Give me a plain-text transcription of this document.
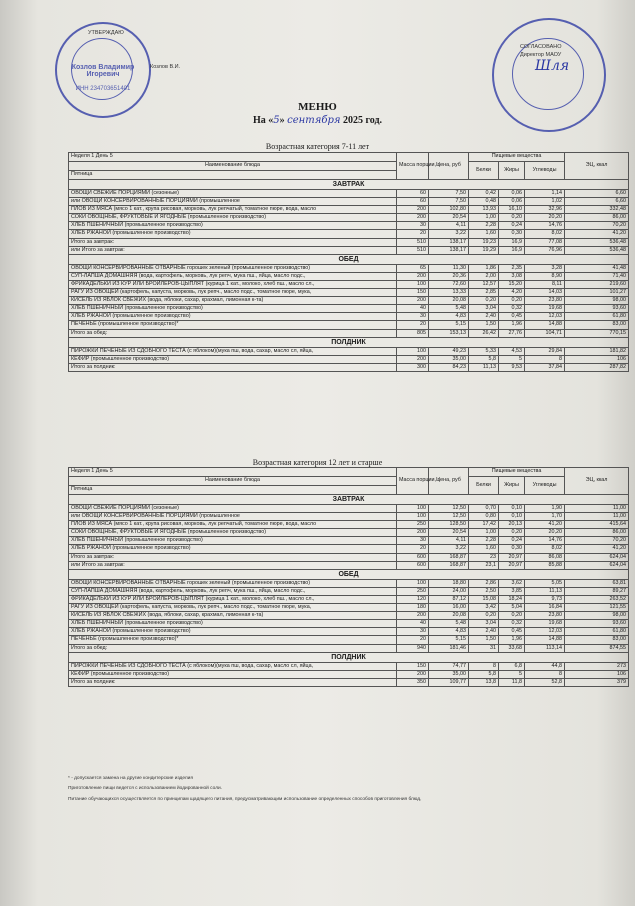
Козлов Владимир Игоревич
ИНН 234703651401
УТВЕРЖДАЮ
Козлов В.И.
СОГЛАСОВАНО
Директор МАОУ
Шля
МЕНЮ
На «5» сентября 2025 год.
Возрастная категория 7-11 лет
Неделя 1 День 5	Масса порции, г	Цена, руб	Пищевые вещества			ЭЦ, ккал
Наименование блюда			Белки	Жиры	Углеводы	
Пятница						
ЗАВТРАК						
ОВОЩИ СВЕЖИЕ ПОРЦИЯМИ (сезонные)	60	7,50	0,42	0,06	1,14	6,60
или ОВОЩИ КОНСЕРВИРОВАННЫЕ ПОРЦИЯМИ (промышленное	60	7,50	0,48	0,06	1,02	6,60
ПЛОВ ИЗ МЯСА (мясо 1 кат., крупа рисовая, морковь, лук репчатый, томатное пюре, вода, масло	200	102,80	13,93	16,10	32,96	332,48
СОКИ ОВОЩНЫЕ, ФРУКТОВЫЕ И ЯГОДНЫЕ (промышленное производство)	200	20,54	1,00	0,20	20,20	86,00
ХЛЕБ ПШЕНИЧНЫЙ (промышленное производство)	30	4,11	2,28	0,24	14,76	70,20
ХЛЕБ РЖАНОЙ (промышленное производство)	20	3,22	1,60	0,30	8,02	41,20
Итого за завтрак:	510	138,17	19,23	16,9	77,08	536,48
или Итого за завтрак:	510	138,17	19,29	16,9	76,96	536,48
ОБЕД						
ОВОЩИ КОНСЕРВИРОВАННЫЕ ОТВАРНЫЕ горошек зеленый (промышленное производство)	65	11,30	1,86	2,35	3,28	41,48
СУП-ЛАПША ДОМАШНЯЯ (вода, картофель, морковь, лук репч, мука пш., яйца, масло подс.,	200	20,36	2,00	3,08	8,90	71,40
ФРИКАДЕЛЬКИ ИЗ КУР ИЛИ БРОЙЛЕРОВ-ЦЫПЛЯТ (курица 1 кат., молоко, хлеб пш., масло сл.,	100	72,60	12,57	15,20	8,11	219,60
РАГУ ИЗ ОВОЩЕЙ (картофель, капуста, морковь, лук репч., масло подс., томатное пюре, мука,	150	13,33	2,85	4,20	14,03	101,27
КИСЕЛЬ ИЗ ЯБЛОК СВЕЖИХ (вода, яблоки, сахар, крахмал, лимонная к-та)	200	20,08	0,20	0,20	23,80	98,00
ХЛЕБ ПШЕНИЧНЫЙ (промышленное производство)	40	5,48	3,04	0,32	19,68	93,60
ХЛЕБ РЖАНОЙ (промышленное производство)	30	4,83	2,40	0,45	12,03	61,80
ПЕЧЕНЬЕ (промышленное производство)*	20	5,15	1,50	1,96	14,88	83,00
Итого за обед:	805	153,13	26,42	27,76	104,71	770,15
ПОЛДНИК						
ПИРОЖКИ ПЕЧЕНЫЕ ИЗ СДОБНОГО ТЕСТА (с яблоком)(мука пш, вода, сахар, масло сл, яйца,	100	49,23	5,33	4,53	29,84	181,82
КЕФИР (промышленное производство)	200	35,00	5,8	5	8	106
Итого за полдник:	300	84,23	11,13	9,53	37,84	287,82
Возрастная категория 12 лет и старше
Неделя 1 День 5	Масса порции, г	Цена, руб	Пищевые вещества			ЭЦ, ккал
Наименование блюда			Белки	Жиры	Углеводы	
Пятница						
ЗАВТРАК						
ОВОЩИ СВЕЖИЕ ПОРЦИЯМИ (сезонные)	100	12,50	0,70	0,10	1,90	11,00
или ОВОЩИ КОНСЕРВИРОВАННЫЕ ПОРЦИЯМИ (промышленное	100	12,50	0,80	0,10	1,70	11,00
ПЛОВ ИЗ МЯСА (мясо 1 кат., крупа рисовая, морковь, лук репчатый, томатное пюре, вода, масло	250	128,50	17,42	20,13	41,20	415,64
СОКИ ОВОЩНЫЕ, ФРУКТОВЫЕ И ЯГОДНЫЕ (промышленное производство)	200	20,54	1,00	0,20	20,20	86,00
ХЛЕБ ПШЕНИЧНЫЙ (промышленное производство)	30	4,11	2,28	0,24	14,76	70,20
ХЛЕБ РЖАНОЙ (промышленное производство)	20	3,22	1,60	0,30	8,02	41,20
Итого за завтрак:	600	168,87	23	20,97	86,08	624,04
или Итого за завтрак:	600	168,87	23,1	20,97	85,88	624,04
ОБЕД						
ОВОЩИ КОНСЕРВИРОВАННЫЕ ОТВАРНЫЕ горошек зеленый (промышленное производство)	100	18,80	2,86	3,62	5,05	63,81
СУП-ЛАПША ДОМАШНЯЯ (вода, картофель, морковь, лук репч, мука пш., яйца, масло подс.,	250	24,00	2,50	3,85	11,13	89,27
ФРИКАДЕЛЬКИ ИЗ КУР ИЛИ БРОЙЛЕРОВ-ЦЫПЛЯТ (курица 1 кат., молоко, хлеб пш., масло сл.,	120	87,12	15,08	18,24	9,73	263,52
РАГУ ИЗ ОВОЩЕЙ (картофель, капуста, морковь, лук репч., масло подс., томатное пюре, мука,	180	16,00	3,42	5,04	16,84	121,55
КИСЕЛЬ ИЗ ЯБЛОК СВЕЖИХ (вода, яблоки, сахар, крахмал, лимонная к-та)	200	20,08	0,20	0,20	23,80	98,00
ХЛЕБ ПШЕНИЧНЫЙ (промышленное производство)	40	5,48	3,04	0,32	19,68	93,60
ХЛЕБ РЖАНОЙ (промышленное производство)	30	4,83	2,40	0,45	12,03	61,80
ПЕЧЕНЬЕ (промышленное производство)*	20	5,15	1,50	1,96	14,88	83,00
Итого за обед:	940	181,46	31	33,68	113,14	874,55
ПОЛДНИК						
ПИРОЖКИ ПЕЧЕНЫЕ ИЗ СДОБНОГО ТЕСТА (с яблоком)(мука пш, вода, сахар, масло сл, яйца,	150	74,77	8	6,8	44,8	273
КЕФИР (промышленное производство)	200	35,00	5,8	5	8	106
Итого за полдник:	350	109,77	13,8	11,8	52,8	379
* - допускается замена на другие кондитерские изделия
Приготовление пищи ведется с использованием йодированной соли.
Питание обучающихся осуществляется по принципам щадящего питания, предусматривающим использование определенных способов приготовления блюд,
